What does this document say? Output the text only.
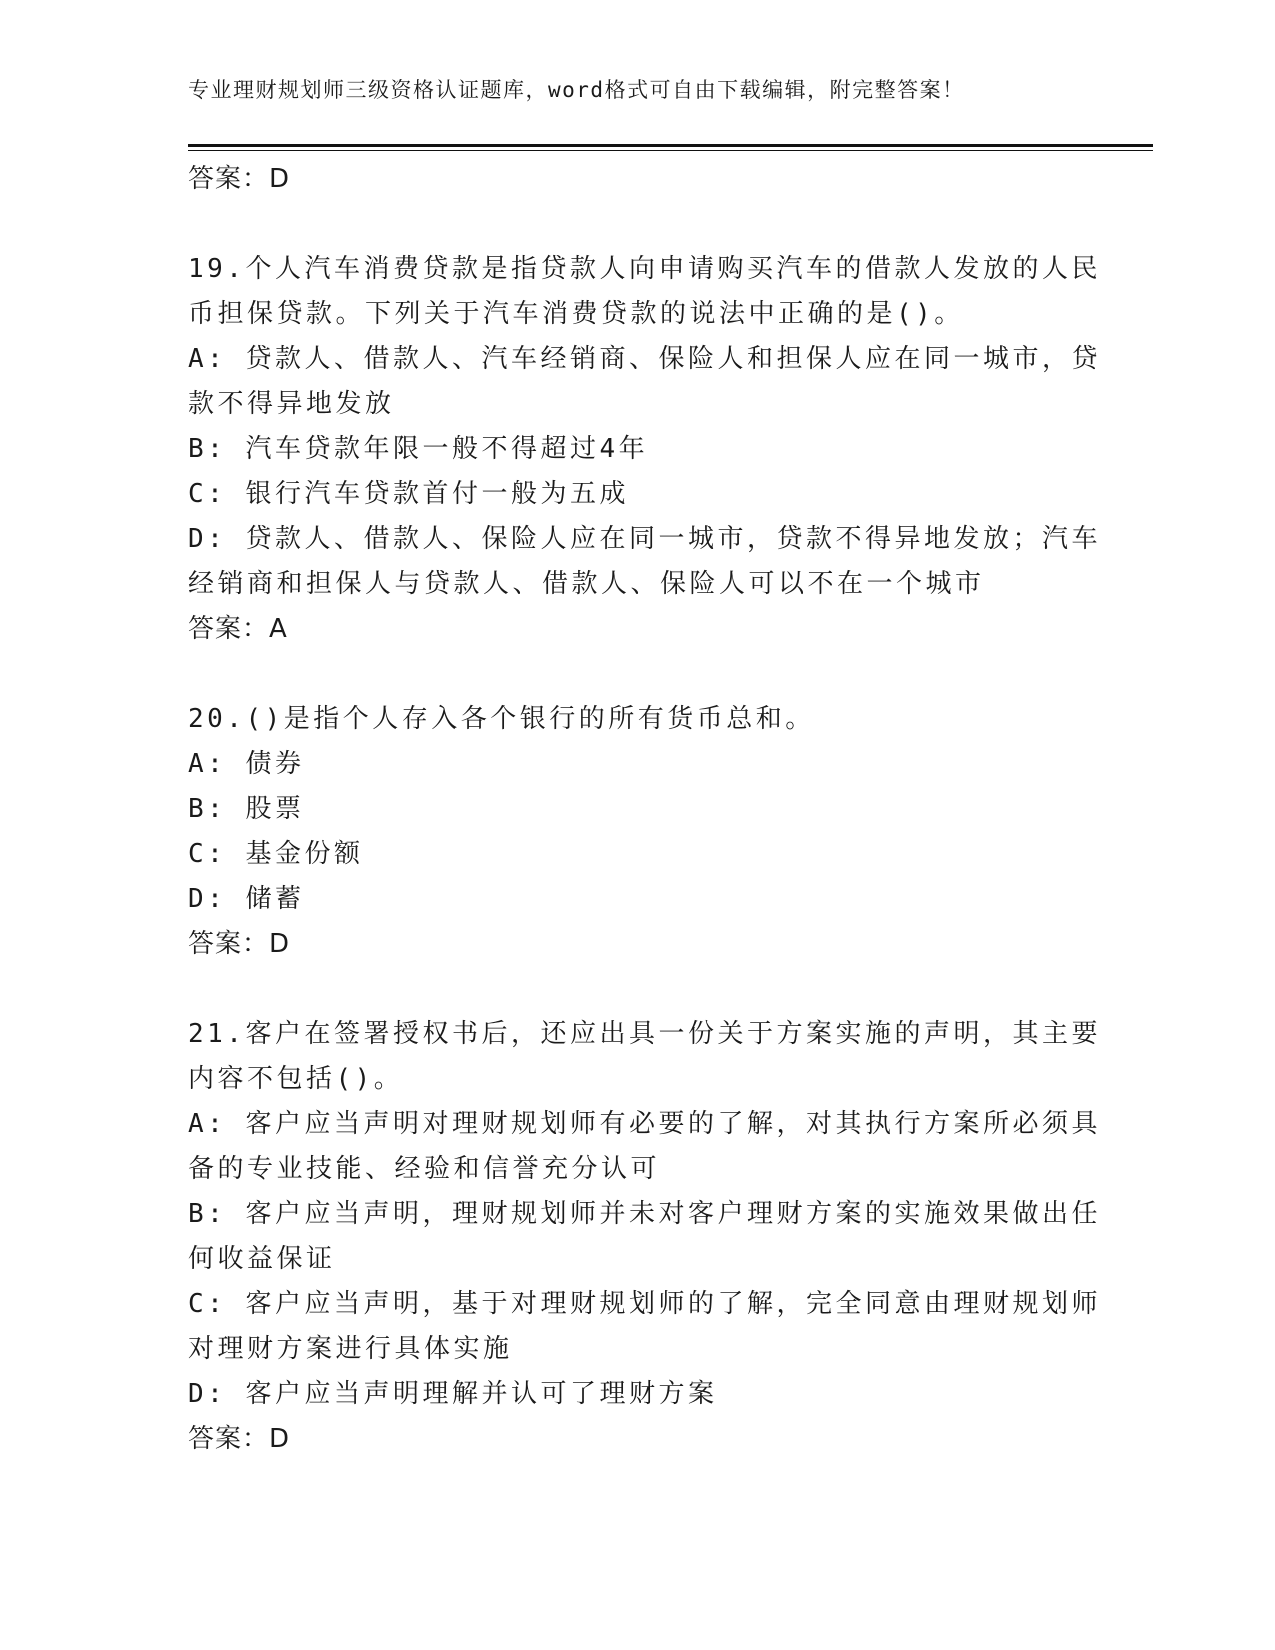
专业理财规划师三级资格认证题库，word格式可自由下载编辑，附完整答案！
答案：D
19.个人汽车消费贷款是指贷款人向申请购买汽车的借款人发放的人民
币担保贷款。下列关于汽车消费贷款的说法中正确的是()。
A: 贷款人、借款人、汽车经销商、保险人和担保人应在同一城市，贷
款不得异地发放
B: 汽车贷款年限一般不得超过4年
C: 银行汽车贷款首付一般为五成
D: 贷款人、借款人、保险人应在同一城市，贷款不得异地发放；汽车
经销商和担保人与贷款人、借款人、保险人可以不在一个城市
答案：A
20.()是指个人存入各个银行的所有货币总和。
A: 债券
B: 股票
C: 基金份额
D: 储蓄
答案：D
21.客户在签署授权书后，还应出具一份关于方案实施的声明，其主要
内容不包括()。
A: 客户应当声明对理财规划师有必要的了解，对其执行方案所必须具
备的专业技能、经验和信誉充分认可
B: 客户应当声明，理财规划师并未对客户理财方案的实施效果做出任
何收益保证
C: 客户应当声明，基于对理财规划师的了解，完全同意由理财规划师
对理财方案进行具体实施
D: 客户应当声明理解并认可了理财方案
答案：D
